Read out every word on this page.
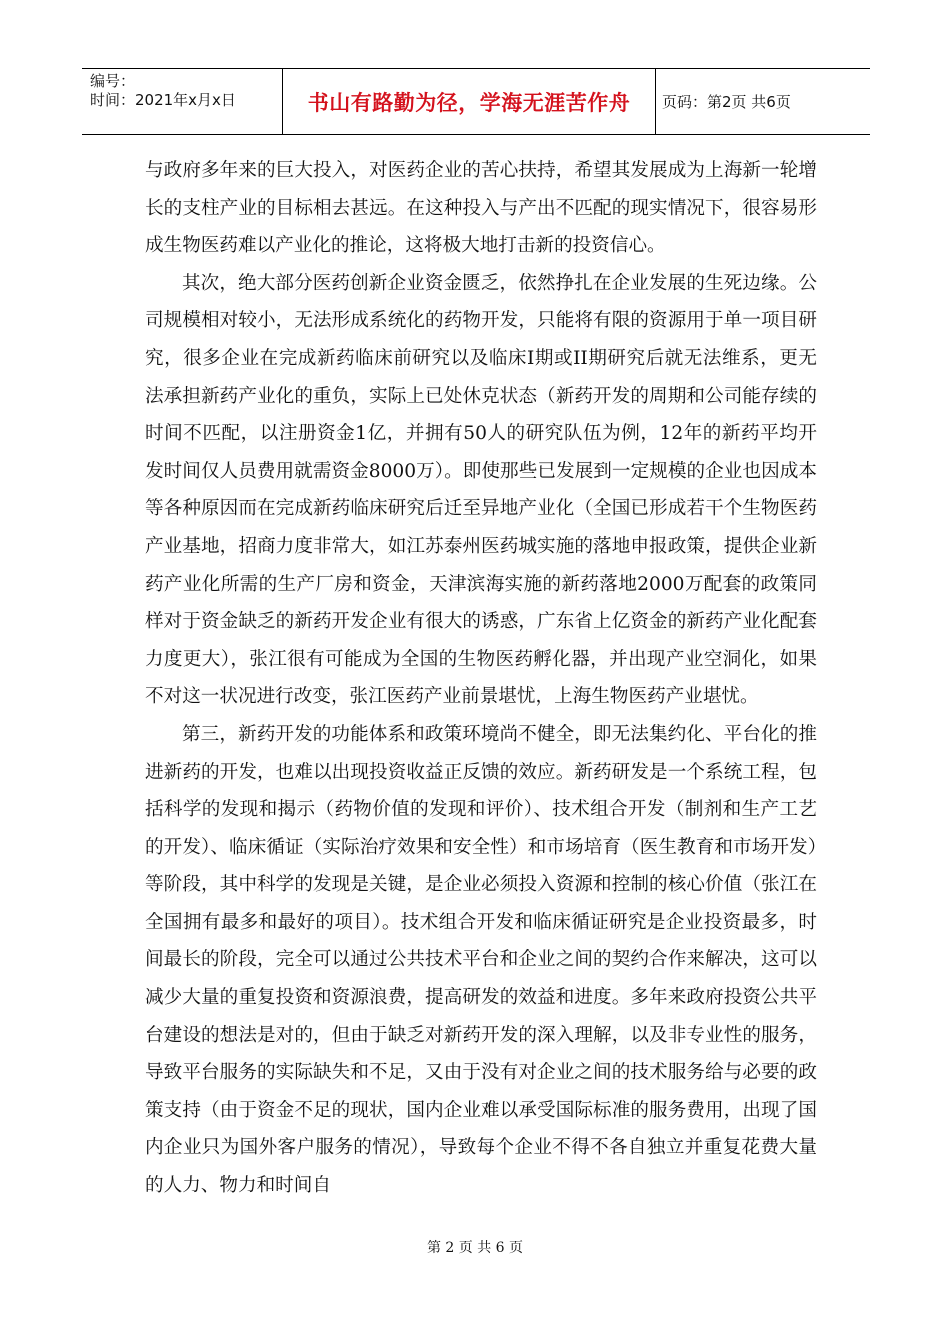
编号：
时间：2021年x月x日	书山有路勤为径，学海无涯苦作舟	页码：第2页 共6页

与政府多年来的巨大投入，对医药企业的苦心扶持，希望其发展成为上海新一轮增长的支柱产业的目标相去甚远。在这种投入与产出不匹配的现实情况下，很容易形成生物医药难以产业化的推论，这将极大地打击新的投资信心。

其次，绝大部分医药创新企业资金匮乏，依然挣扎在企业发展的生死边缘。公司规模相对较小，无法形成系统化的药物开发，只能将有限的资源用于单一项目研究，很多企业在完成新药临床前研究以及临床I期或II期研究后就无法维系，更无法承担新药产业化的重负，实际上已处休克状态（新药开发的周期和公司能存续的时间不匹配，以注册资金1亿，并拥有50人的研究队伍为例，12年的新药平均开发时间仅人员费用就需资金8000万）。即使那些已发展到一定规模的企业也因成本等各种原因而在完成新药临床研究后迁至异地产业化（全国已形成若干个生物医药产业基地，招商力度非常大，如江苏泰州医药城实施的落地申报政策，提供企业新药产业化所需的生产厂房和资金，天津滨海实施的新药落地2000万配套的政策同样对于资金缺乏的新药开发企业有很大的诱惑，广东省上亿资金的新药产业化配套力度更大），张江很有可能成为全国的生物医药孵化器，并出现产业空洞化，如果不对这一状况进行改变，张江医药产业前景堪忧，上海生物医药产业堪忧。

第三，新药开发的功能体系和政策环境尚不健全，即无法集约化、平台化的推进新药的开发，也难以出现投资收益正反馈的效应。新药研发是一个系统工程，包括科学的发现和揭示（药物价值的发现和评价）、技术组合开发（制剂和生产工艺的开发）、临床循证（实际治疗效果和安全性）和市场培育（医生教育和市场开发）等阶段，其中科学的发现是关键，是企业必须投入资源和控制的核心价值（张江在全国拥有最多和最好的项目）。技术组合开发和临床循证研究是企业投资最多，时间最长的阶段，完全可以通过公共技术平台和企业之间的契约合作来解决，这可以减少大量的重复投资和资源浪费，提高研发的效益和进度。多年来政府投资公共平台建设的想法是对的，但由于缺乏对新药开发的深入理解，以及非专业性的服务，导致平台服务的实际缺失和不足，又由于没有对企业之间的技术服务给与必要的政策支持（由于资金不足的现状，国内企业难以承受国际标准的服务费用，出现了国内企业只为国外客户服务的情况），导致每个企业不得不各自独立并重复花费大量的人力、物力和时间自

第 2 页 共 6 页
